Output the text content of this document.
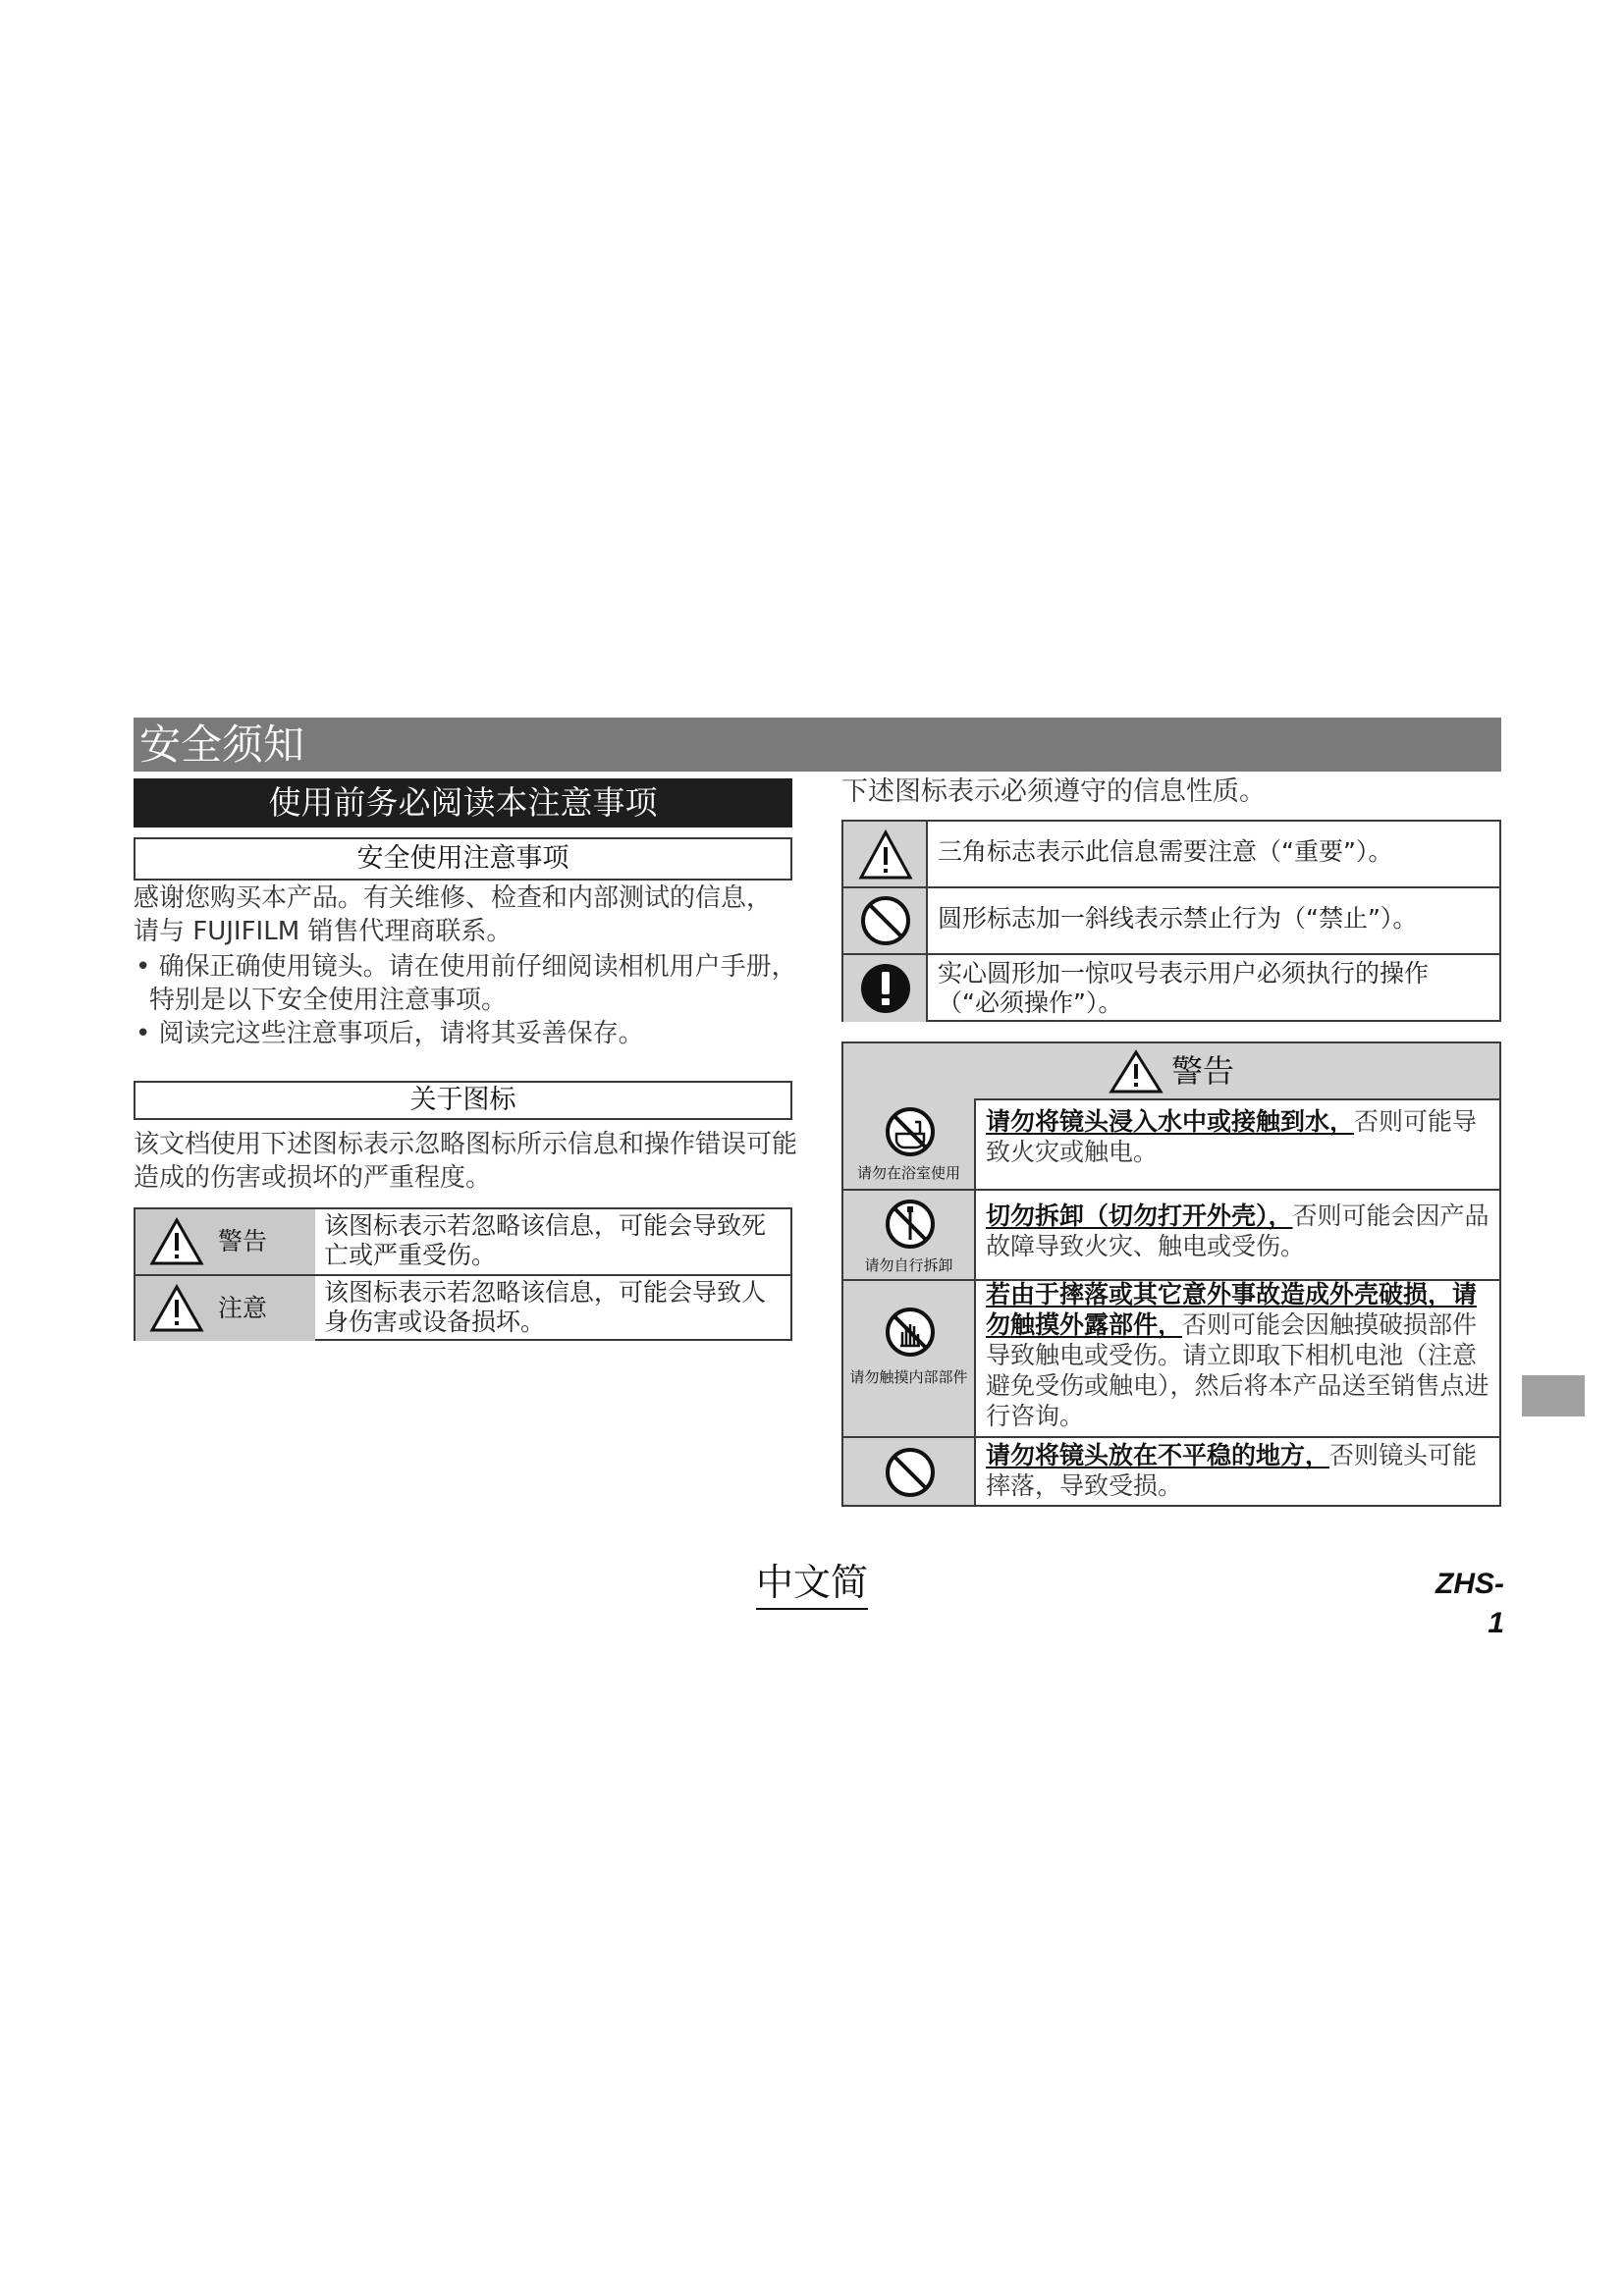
安全须知
使用前务必阅读本注意事项
安全使用注意事项
感谢您购买本产品。有关维修、检查和内部测试的信息，
请与 FUJIFILM 销售代理商联系。
• 确保正确使用镜头。请在使用前仔细阅读相机用户手册，特别是以下安全使用注意事项。
• 阅读完这些注意事项后，请将其妥善保存。
关于图标
该文档使用下述图标表示忽略图标所示信息和操作错误可能造成的伤害或损坏的严重程度。
警告
该图标表示若忽略该信息，可能会导致死亡或严重受伤。
注意
该图标表示若忽略该信息，可能会导致人身伤害或设备损坏。
下述图标表示必须遵守的信息性质。
三角标志表示此信息需要注意（“重要”）。
圆形标志加一斜线表示禁止行为（“禁止”）。
实心圆形加一惊叹号表示用户必须执行的操作（“必须操作”）。
警告
请勿在浴室使用
请勿将镜头浸入水中或接触到水，否则可能导致火灾或触电。
请勿自行拆卸
切勿拆卸（切勿打开外壳），否则可能会因产品故障导致火灾、触电或受伤。
请勿触摸内部部件
若由于摔落或其它意外事故造成外壳破损，请勿触摸外露部件，否则可能会因触摸破损部件导致触电或受伤。请立即取下相机电池（注意避免受伤或触电），然后将本产品送至销售点进行咨询。
请勿将镜头放在不平稳的地方，否则镜头可能摔落，导致受损。
中文简	ZHS-1
